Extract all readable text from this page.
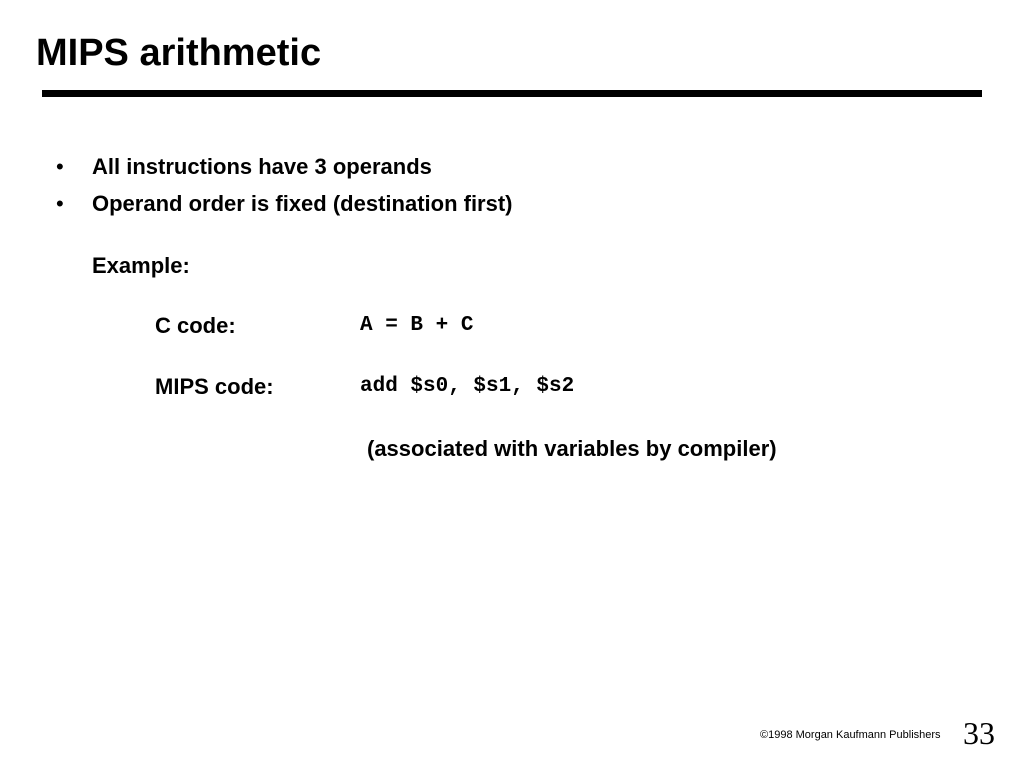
MIPS arithmetic
• All instructions have 3 operands
• Operand order is fixed (destination first)
Example:
C code:	A = B + C
MIPS code:	add $s0, $s1, $s2
(associated with variables by compiler)
©1998 Morgan Kaufmann Publishers 33
